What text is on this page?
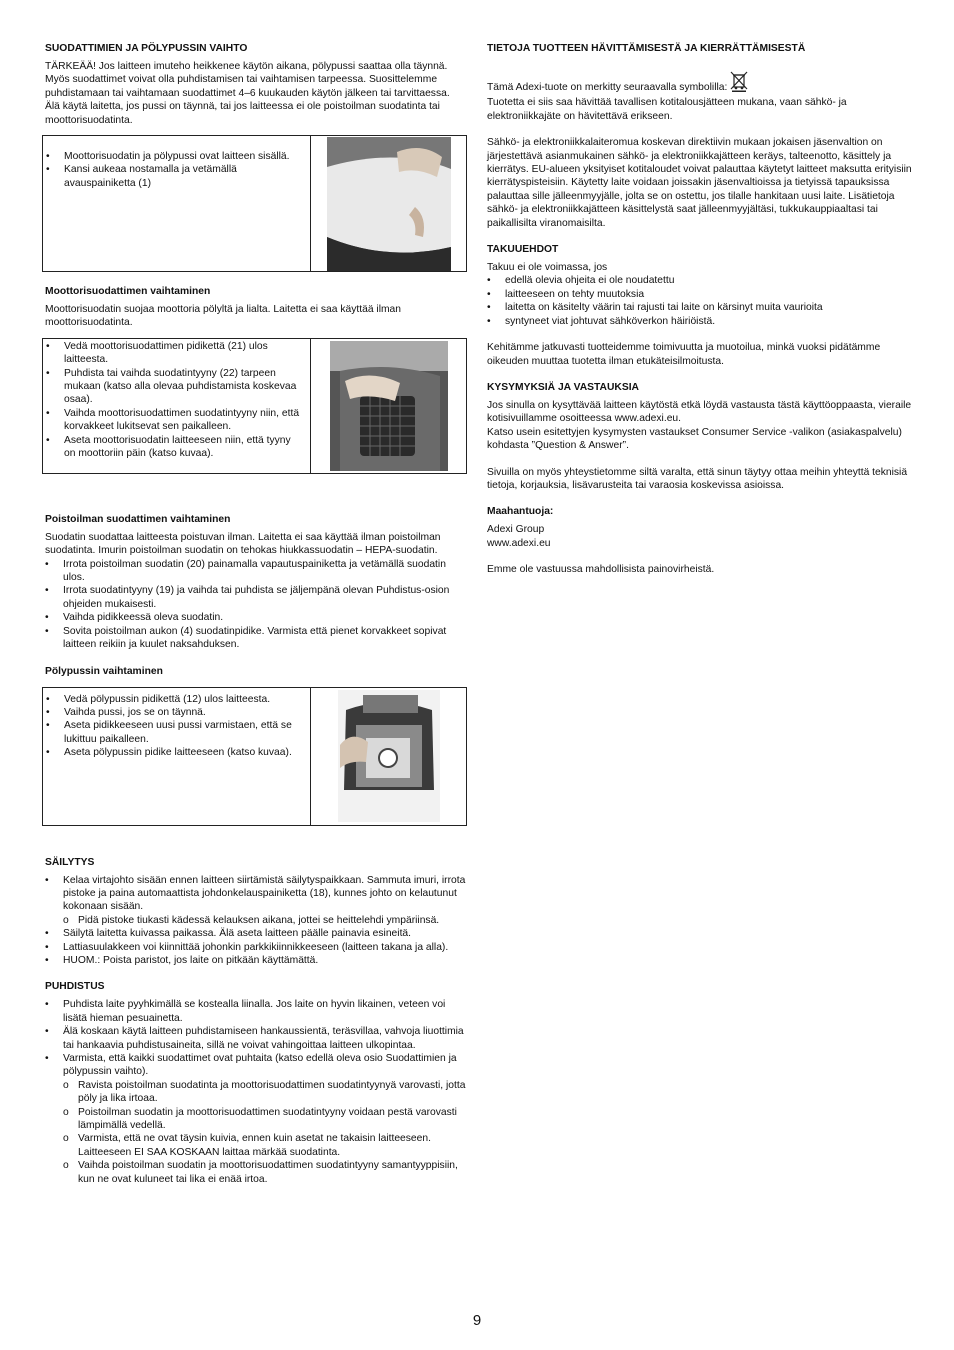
SUODATTIMIEN JA PÖLYPUSSIN VAIHTO

TÄRKEÄÄ! Jos laitteen imuteho heikkenee käytön aikana, pölypussi saattaa olla täynnä. Myös suodattimet voivat olla puhdistamisen tai vaihtamisen tarpeessa. Suosittelemme puhdistamaan tai vaihtamaan suodattimet 4–6 kuukauden käytön jälkeen tai tarvittaessa. Älä käytä laitetta, jos pussi on täynnä, tai jos laitteessa ei ole poistoilman suodatinta tai moottorisuodatinta.

• Moottorisuodatin ja pölypussi ovat laitteen sisällä.
• Kansi aukeaa nostamalla ja vetämällä avauspainiketta (1)
Moottorisuodattimen vaihtaminen

Moottorisuodatin suojaa moottoria pölyltä ja lialta. Laitetta ei saa käyttää ilman moottorisuodatinta.

• Vedä moottorisuodattimen pidikettä (21) ulos laitteesta.
• Puhdista tai vaihda suodatintyyny (22) tarpeen mukaan (katso alla olevaa puhdistamista koskevaa osaa).
• Vaihda moottorisuodattimen suodatintyyny niin, että korvakkeet lukitsevat sen paikalleen.
• Aseta moottorisuodatin laitteeseen niin, että tyyny on moottoriin päin (katso kuvaa).
Poistoilman suodattimen vaihtaminen

Suodatin suodattaa laitteesta poistuvan ilman. Laitetta ei saa käyttää ilman poistoilman suodatinta. Imurin poistoilman suodatin on tehokas hiukkassuodatin – HEPA-suodatin.

• Irrota poistoilman suodatin (20) painamalla vapautuspainiketta ja vetämällä suodatin ulos.
• Irrota suodatintyyny (19) ja vaihda tai puhdista se jäljempänä olevan Puhdistus-osion ohjeiden mukaisesti.
• Vaihda pidikkeessä oleva suodatin.
• Sovita poistoilman aukon (4) suodatinpidike. Varmista että pienet korvakkeet sopivat laitteen reikiin ja kuulet naksahduksen.
Pölypussin vaihtaminen
• Vedä pölypussin pidikettä (12) ulos laitteesta.
• Vaihda pussi, jos se on täynnä.
• Aseta pidikkeeseen uusi pussi varmistaen, että se lukittuu paikalleen.
• Aseta pölypussin pidike laitteeseen (katso kuvaa).
SÄILYTYS
• Kelaa virtajohto sisään ennen laitteen siirtämistä säilytyspaikkaan. Sammuta imuri, irrota pistoke ja paina automaattista johdonkelauspainiketta (18), kunnes johto on kelautunut kokonaan sisään.
o Pidä pistoke tiukasti kädessä kelauksen aikana, jottei se heittelehdi ympäriinsä.
• Säilytä laitetta kuivassa paikassa. Älä aseta laitteen päälle painavia esineitä.
• Lattiasuulakkeen voi kiinnittää johonkin parkkikiinnikkeeseen (laitteen takana ja alla).
• HUOM.: Poista paristot, jos laite on pitkään käyttämättä.
PUHDISTUS
• Puhdista laite pyyhkimällä se kostealla liinalla. Jos laite on hyvin likainen, veteen voi lisätä hieman pesuainetta.
• Älä koskaan käytä laitteen puhdistamiseen hankaussientä, teräsvillaa, vahvoja liuottimia tai hankaavia puhdistusaineita, sillä ne voivat vahingoittaa laitteen ulkopintaa.
• Varmista, että kaikki suodattimet ovat puhtaita (katso edellä oleva osio Suodattimien ja pölypussin vaihto).
o Ravista poistoilman suodatinta ja moottorisuodattimen suodatintyynyä varovasti, jotta pöly ja lika irtoaa.
o Poistoilman suodatin ja moottorisuodattimen suodatintyyny voidaan pestä varovasti lämpimällä vedellä.
o Varmista, että ne ovat täysin kuivia, ennen kuin asetat ne takaisin laitteeseen. Laitteeseen EI SAA KOSKAAN laittaa märkää suodatinta.
o Vaihda poistoilman suodatin ja moottorisuodattimen suodatintyyny samantyyppisiin, kun ne ovat kuluneet tai lika ei enää irtoa.
TIETOJA TUOTTEEN HÄVITTÄMISESTÄ JA KIERRÄTTÄMISESTÄ

Tämä Adexi-tuote on merkitty seuraavalla symbolilla:

Tuotetta ei siis saa hävittää tavallisen kotitalousjätteen mukana, vaan sähkö- ja elektroniikkajäte on hävitettävä erikseen.

Sähkö- ja elektroniikkalaiteromua koskevan direktiivin mukaan jokaisen jäsenvaltion on järjestettävä asianmukainen sähkö- ja elektroniikkajätteen keräys, talteenotto, käsittely ja kierrätys. EU-alueen yksityiset kotitaloudet voivat palauttaa käytetyt laitteet maksutta erityisiin kierrätyspisteisiin. Käytetty laite voidaan joissakin jäsenvaltioissa ja tietyissä tapauksissa palauttaa sille jälleenmyyjälle, jolta se on ostettu, jos tilalle hankitaan uusi laite. Lisätietoja sähkö- ja elektroniikkajätteen käsittelystä saat jälleenmyyjältäsi, tukkukauppiaaltasi tai paikallisilta viranomaisilta.

TAKUUEHDOT

Takuu ei ole voimassa, jos

• edellä olevia ohjeita ei ole noudatettu
• laitteeseen on tehty muutoksia
• laitetta on käsitelty väärin tai rajusti tai laite on kärsinyt muita vaurioita
• syntyneet viat johtuvat sähköverkon häiriöistä.

Kehitämme jatkuvasti tuotteidemme toimivuutta ja muotoilua, minkä vuoksi pidätämme oikeuden muuttaa tuotetta ilman etukäteisilmoitusta.

KYSYMYKSIÄ JA VASTAUKSIA

Jos sinulla on kysyttävää laitteen käytöstä etkä löydä vastausta tästä käyttöoppaasta, vieraile kotisivuillamme osoitteessa www.adexi.eu.

Katso usein esitettyjen kysymysten vastaukset Consumer Service -valikon (asiakaspalvelu) kohdasta ”Question & Answer”.

Sivuilla on myös yhteystietomme siltä varalta, että sinun täytyy ottaa meihin yhteyttä teknisiä tietoja, korjauksia, lisävarusteita tai varaosia koskevissa asioissa.

Maahantuoja:

Adexi Group

www.adexi.eu

Emme ole vastuussa mahdollisista painovirheistä.

9
